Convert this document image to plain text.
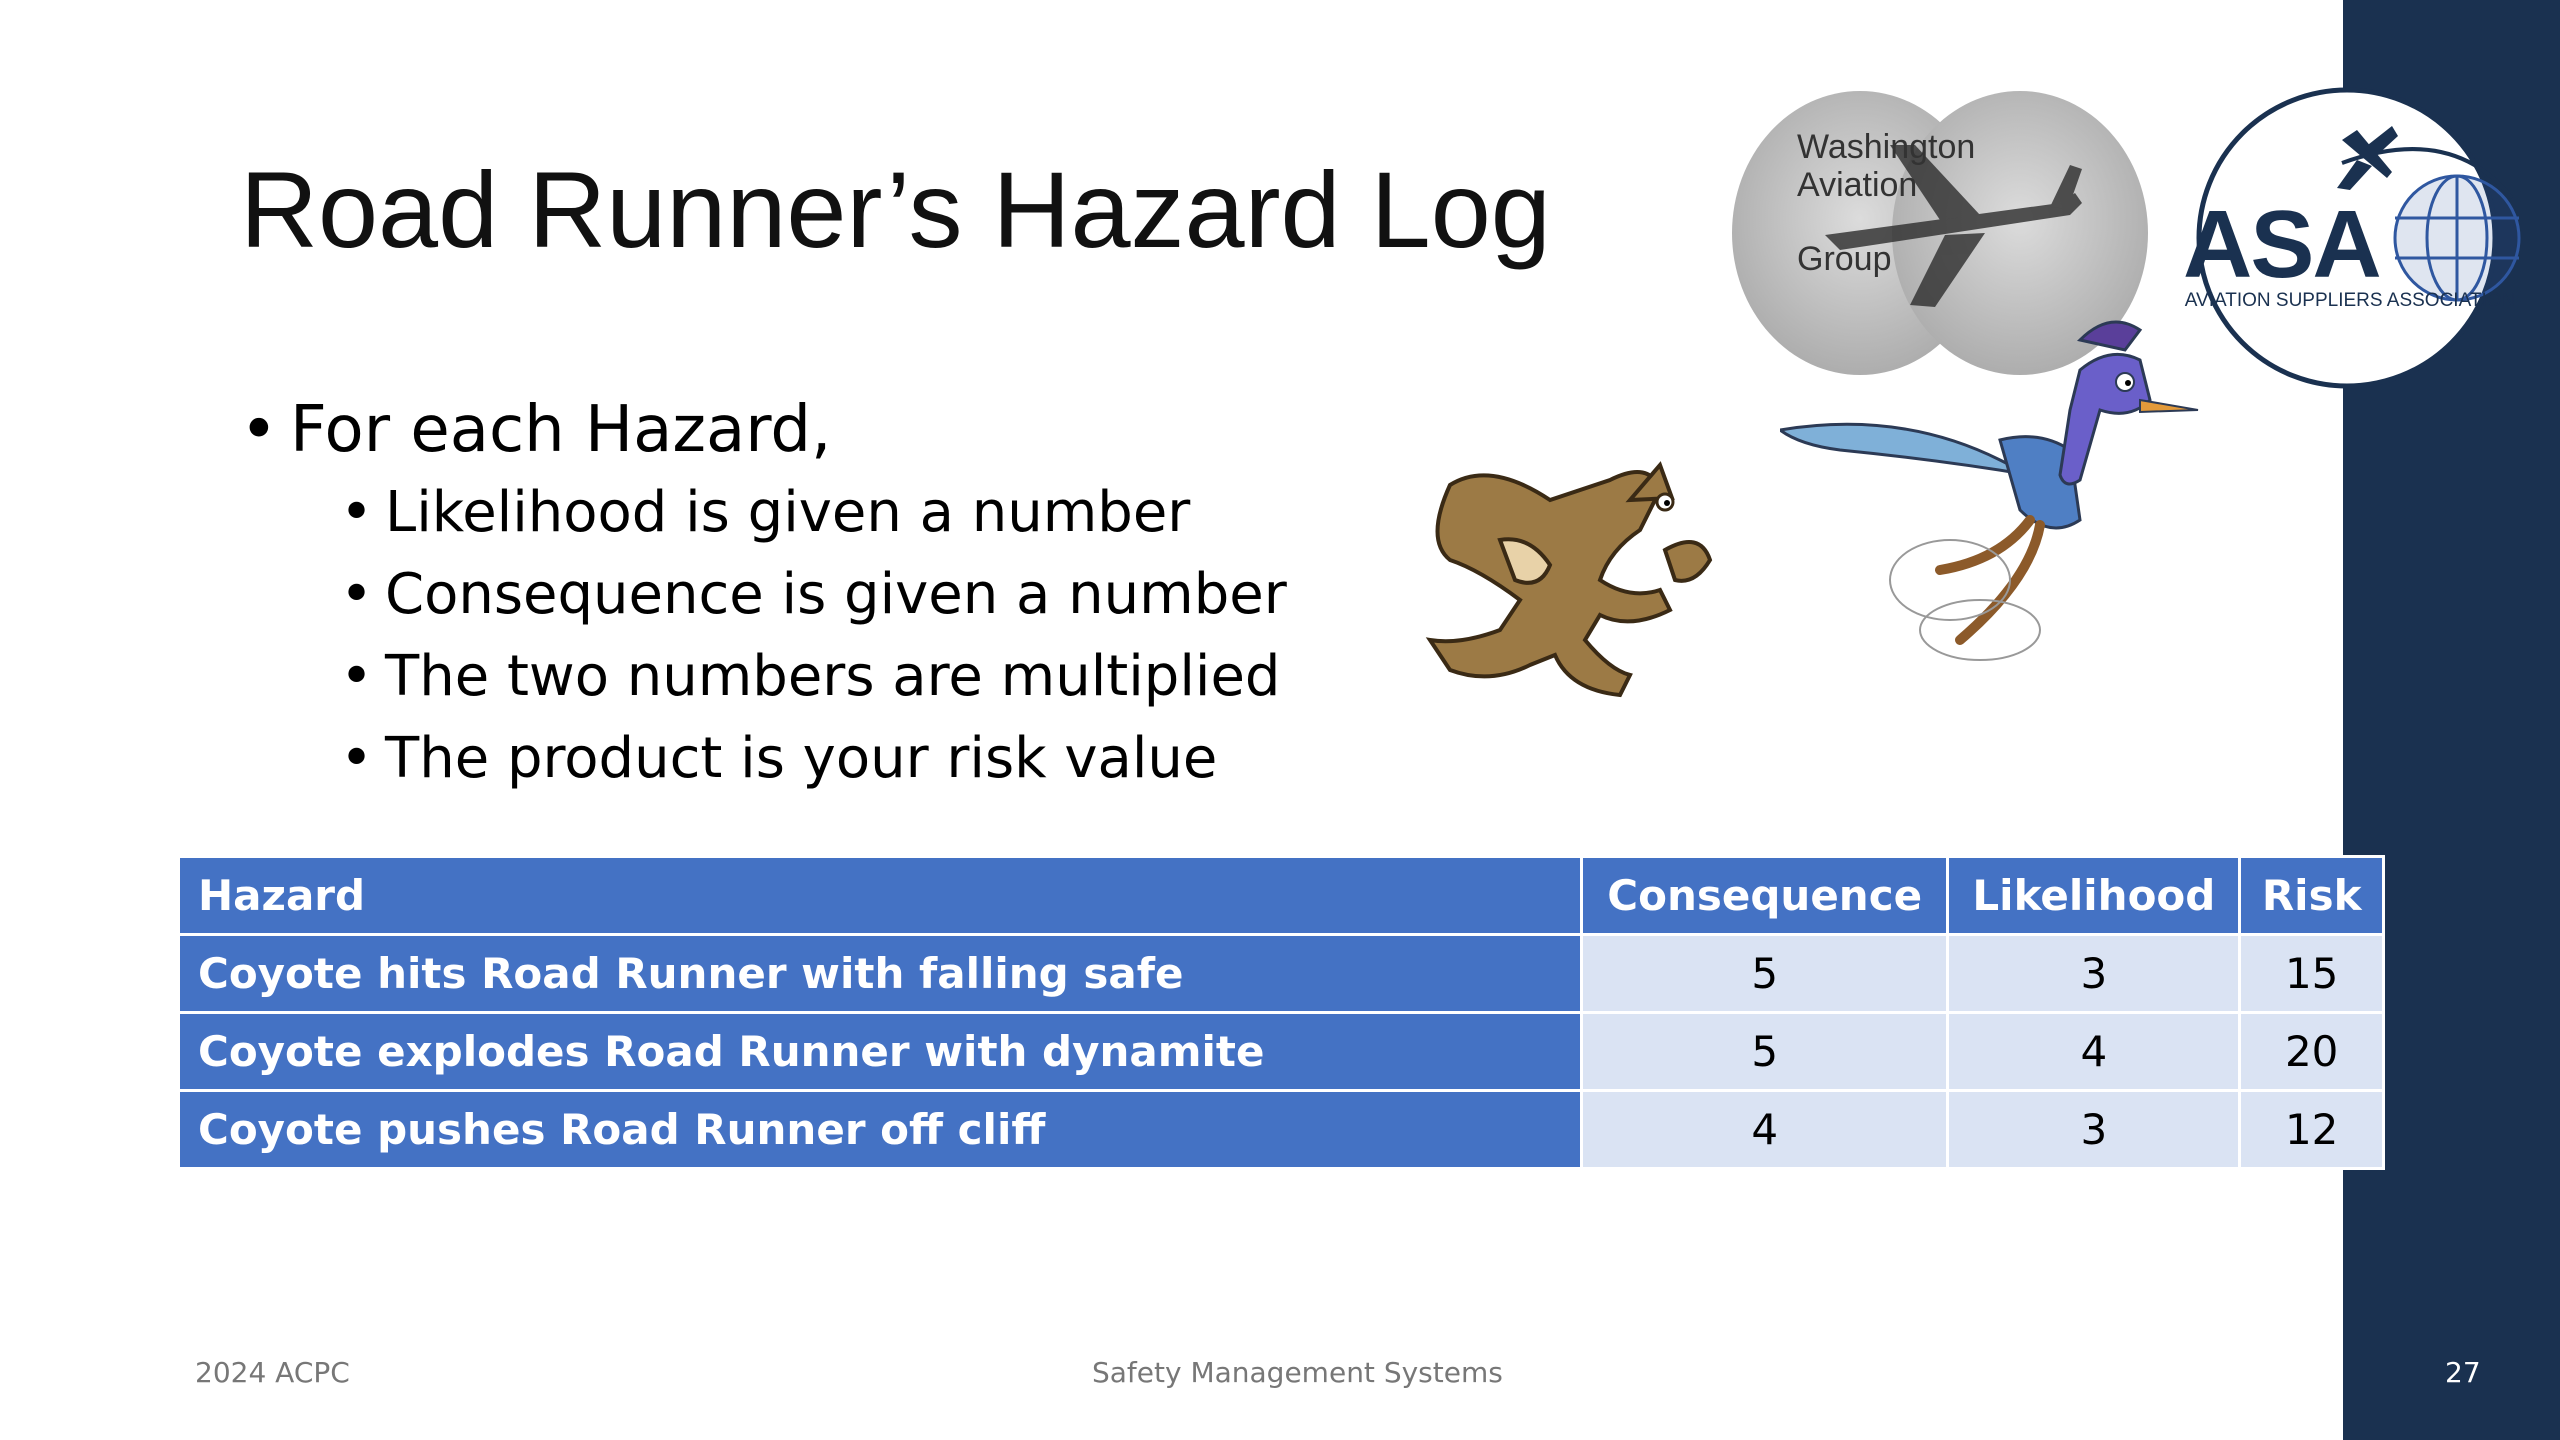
Road Runner’s Hazard Log
• For each Hazard,
• Likelihood is given a number
• Consequence is given a number
• The two numbers are multiplied
• The product is your risk value
Washington
Aviation
Group	ASA
AVIATION SUPPLIERS ASSOCIATION
Hazard	Consequence	Likelihood	Risk
Coyote hits Road Runner with falling safe	5	3	15
Coyote explodes Road Runner with dynamite	5	4	20
Coyote pushes Road Runner off cliff	4	3	12
2024 ACPC	Safety Management Systems	27
